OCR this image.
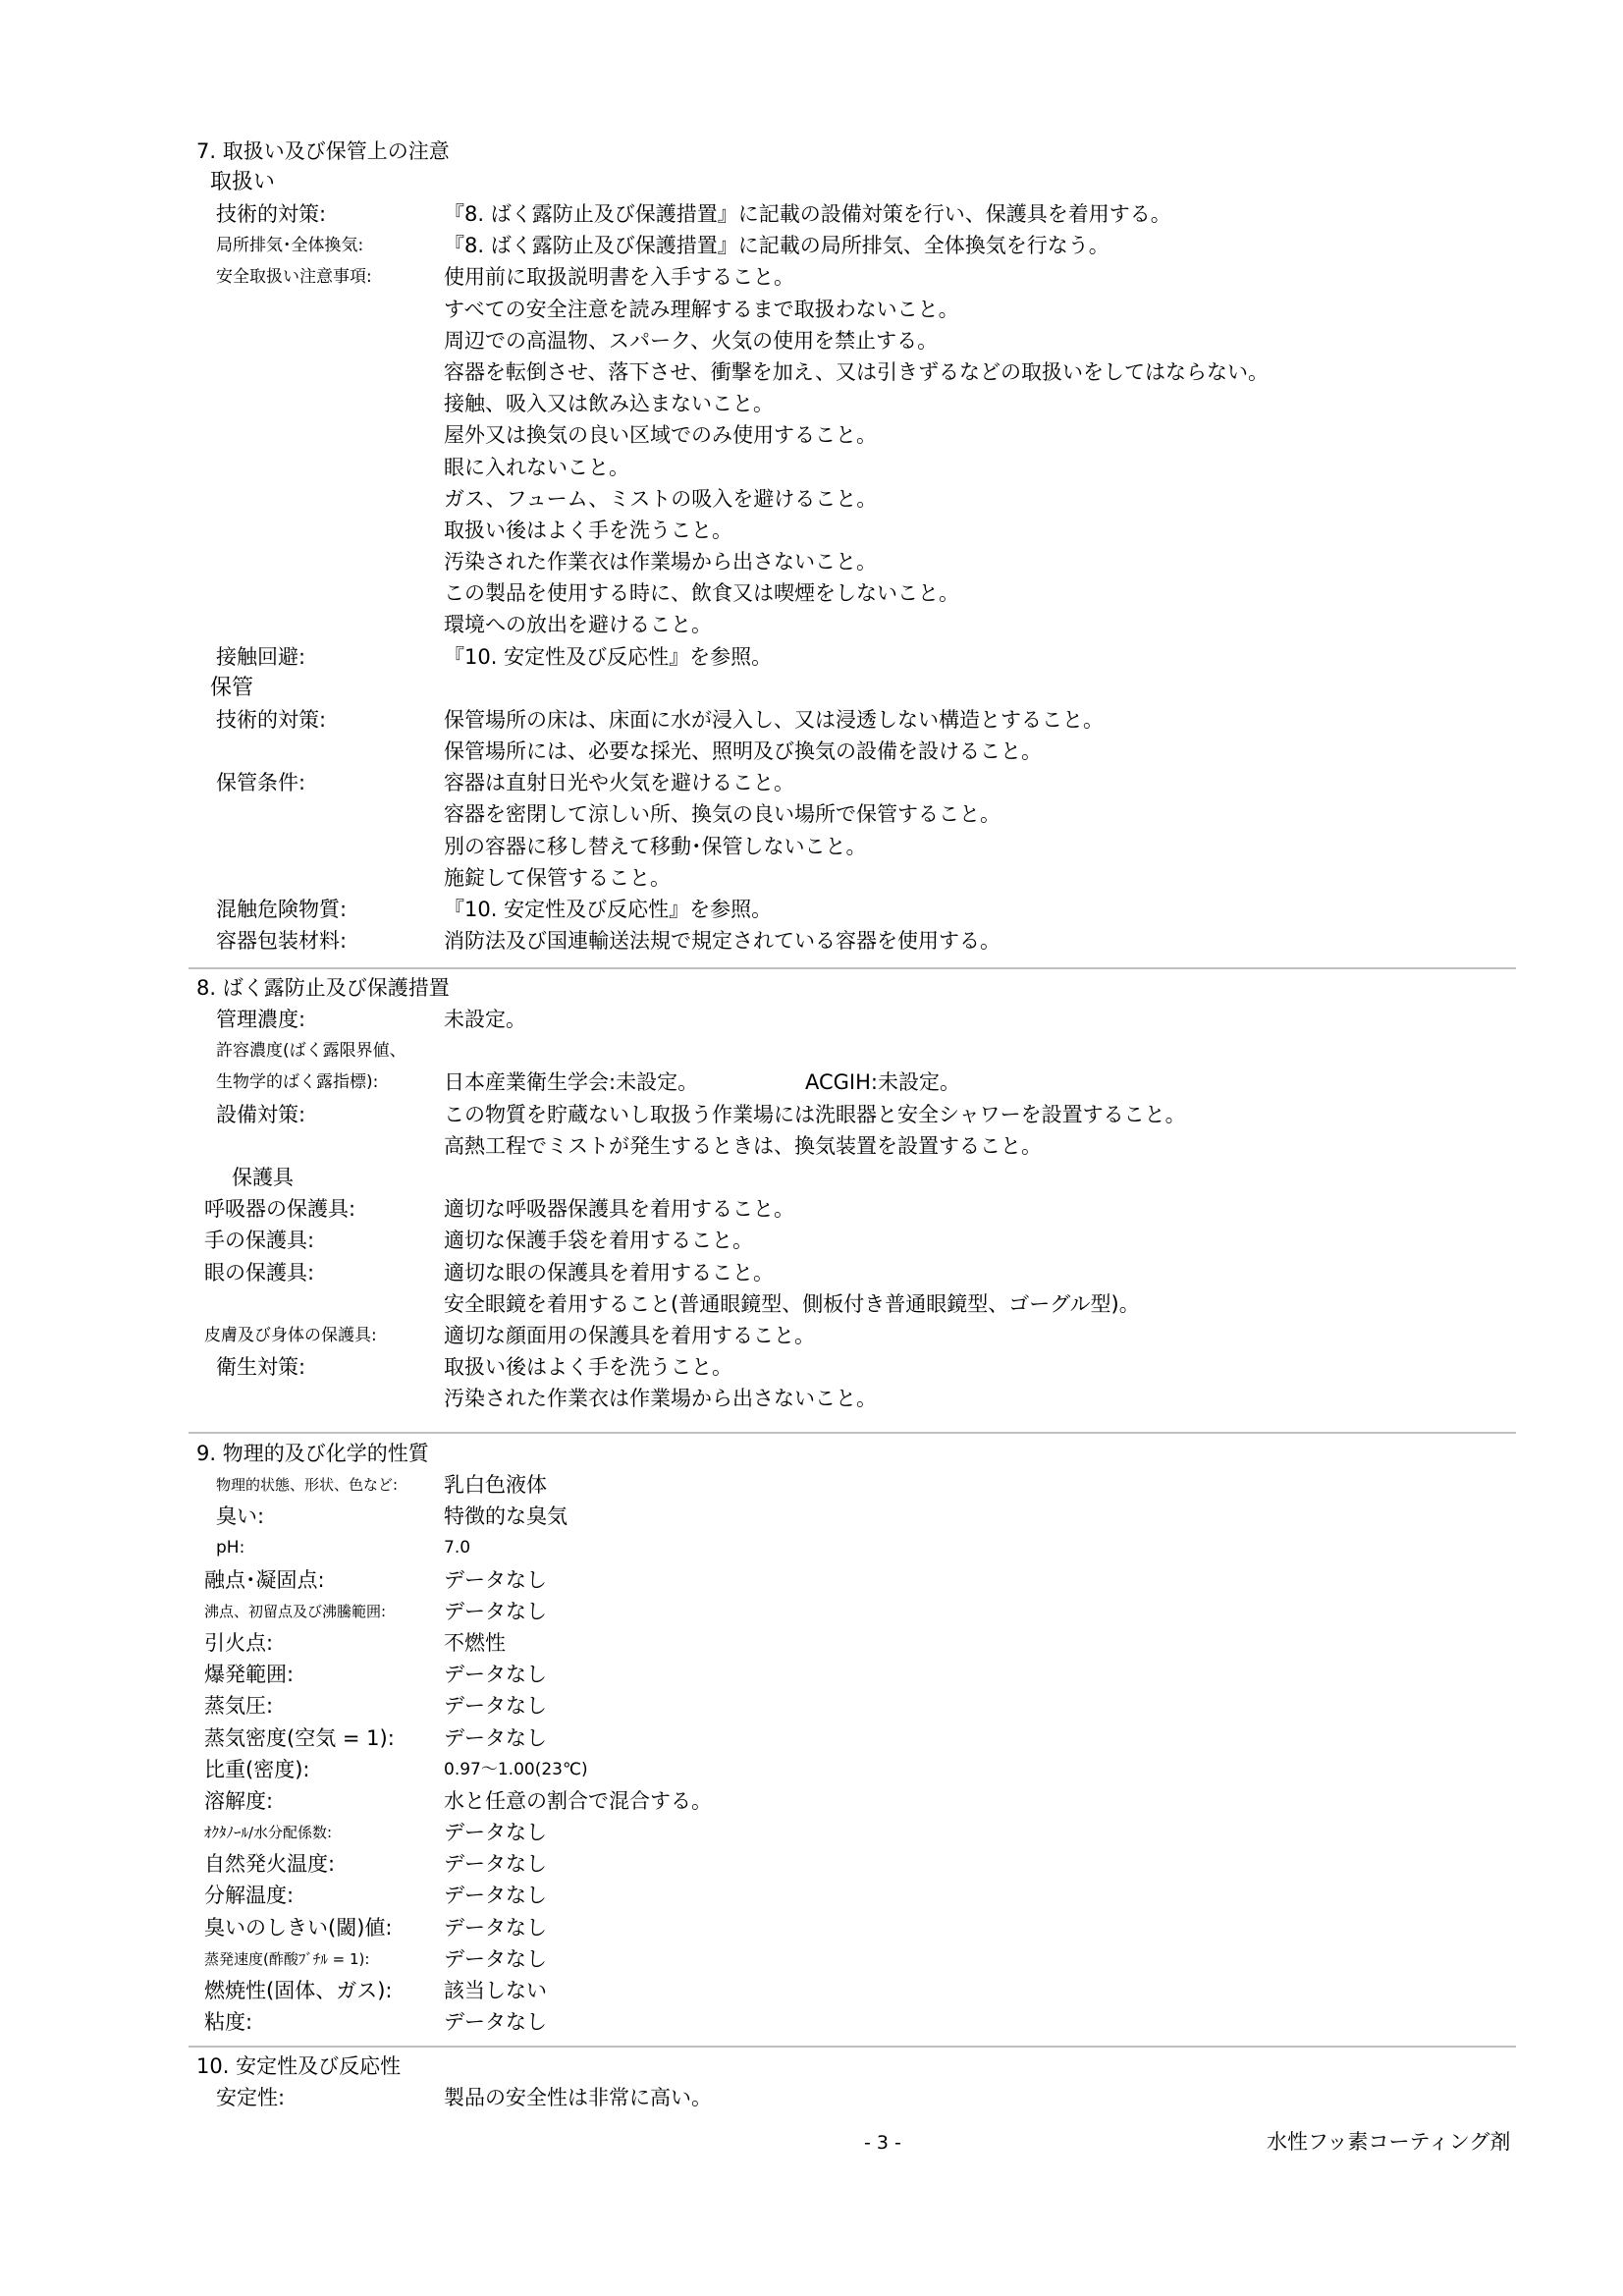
7. 取扱い及び保管上の注意
取扱い
技術的対策:	『8. ばく露防止及び保護措置』に記載の設備対策を行い、保護具を着用する。
局所排気･全体換気:	『8. ばく露防止及び保護措置』に記載の局所排気、全体換気を行なう。
安全取扱い注意事項:	使用前に取扱説明書を入手すること。
すべての安全注意を読み理解するまで取扱わないこと。
周辺での高温物、スパーク、火気の使用を禁止する。
容器を転倒させ、落下させ、衝撃を加え、又は引きずるなどの取扱いをしてはならない。
接触、吸入又は飲み込まないこと。
屋外又は換気の良い区域でのみ使用すること。
眼に入れないこと。
ガス、フューム、ミストの吸入を避けること。
取扱い後はよく手を洗うこと。
汚染された作業衣は作業場から出さないこと。
この製品を使用する時に、飲食又は喫煙をしないこと。
環境への放出を避けること。
接触回避:	『10. 安定性及び反応性』を参照。
保管
技術的対策:	保管場所の床は、床面に水が浸入し、又は浸透しない構造とすること。
保管場所には、必要な採光、照明及び換気の設備を設けること。
保管条件:	容器は直射日光や火気を避けること。
容器を密閉して涼しい所、換気の良い場所で保管すること。
別の容器に移し替えて移動･保管しないこと。
施錠して保管すること。
混触危険物質:	『10. 安定性及び反応性』を参照。
容器包装材料:	消防法及び国連輸送法規で規定されている容器を使用する。
8. ばく露防止及び保護措置
管理濃度:	未設定。
許容濃度(ばく露限界値、
生物学的ばく露指標):	日本産業衛生学会:未設定。	ACGIH:未設定。
設備対策:	この物質を貯蔵ないし取扱う作業場には洗眼器と安全シャワーを設置すること。
高熱工程でミストが発生するときは、換気装置を設置すること。
保護具
呼吸器の保護具:	適切な呼吸器保護具を着用すること。
手の保護具:	適切な保護手袋を着用すること。
眼の保護具:	適切な眼の保護具を着用すること。
安全眼鏡を着用すること(普通眼鏡型、側板付き普通眼鏡型、ゴーグル型)。
皮膚及び身体の保護具:	適切な顔面用の保護具を着用すること。
衛生対策:	取扱い後はよく手を洗うこと。
汚染された作業衣は作業場から出さないこと。
9. 物理的及び化学的性質
物理的状態、形状、色など: 乳白色液体
臭い:	特徴的な臭気
pH:	7.0
融点･凝固点:	データなし
沸点、初留点及び沸騰範囲:	データなし
引火点:	不燃性
爆発範囲:	データなし
蒸気圧:	データなし
蒸気密度(空気 = 1): データなし
比重(密度):	0.97～1.00(23℃)
溶解度:	水と任意の割合で混合する。
ｵｸﾀﾉｰﾙ/水分配係数:	データなし
自然発火温度:	データなし
分解温度:	データなし
臭いのしきい(閾)値:	データなし
蒸発速度(酢酸ﾌﾞﾁﾙ = 1):	データなし
燃焼性(固体、ガス):	該当しない
粘度:	データなし
10. 安定性及び反応性
安定性:	製品の安全性は非常に高い。
- 3 -	水性フッ素コーティング剤
